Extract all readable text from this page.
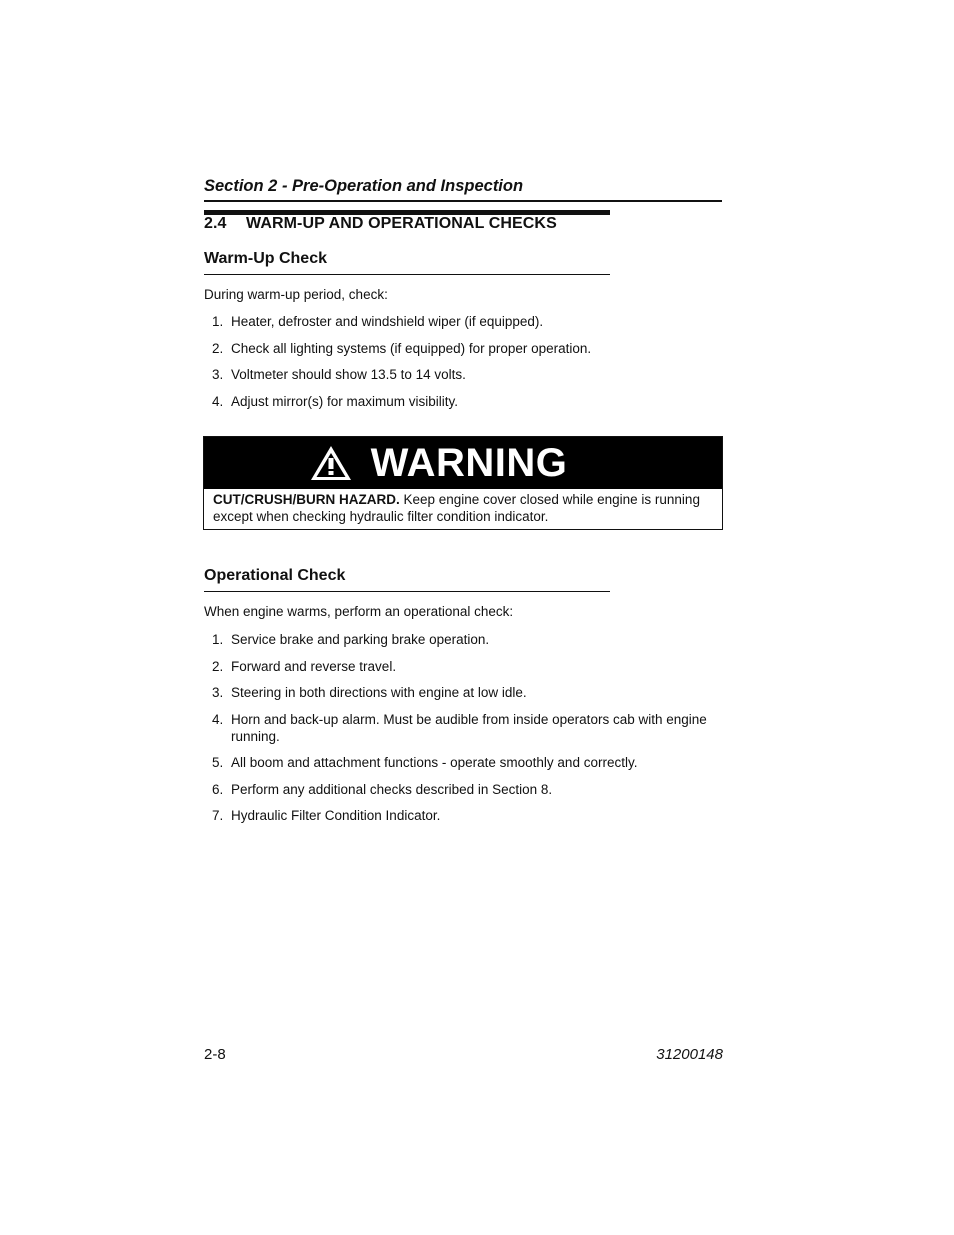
Section 2 - Pre-Operation and Inspection
2.4 WARM-UP AND OPERATIONAL CHECKS
Warm-Up Check
During warm-up period, check:
1. Heater, defroster and windshield wiper (if equipped).
2. Check all lighting systems (if equipped) for proper operation.
3. Voltmeter should show 13.5 to 14 volts.
4. Adjust mirror(s) for maximum visibility.
WARNING
CUT/CRUSH/BURN HAZARD. Keep engine cover closed while engine is running except when checking hydraulic filter condition indicator.
Operational Check
When engine warms, perform an operational check:
1. Service brake and parking brake operation.
2. Forward and reverse travel.
3. Steering in both directions with engine at low idle.
4. Horn and back-up alarm. Must be audible from inside operators cab with engine running.
5. All boom and attachment functions - operate smoothly and correctly.
6. Perform any additional checks described in Section 8.
7. Hydraulic Filter Condition Indicator.
2-8	31200148
